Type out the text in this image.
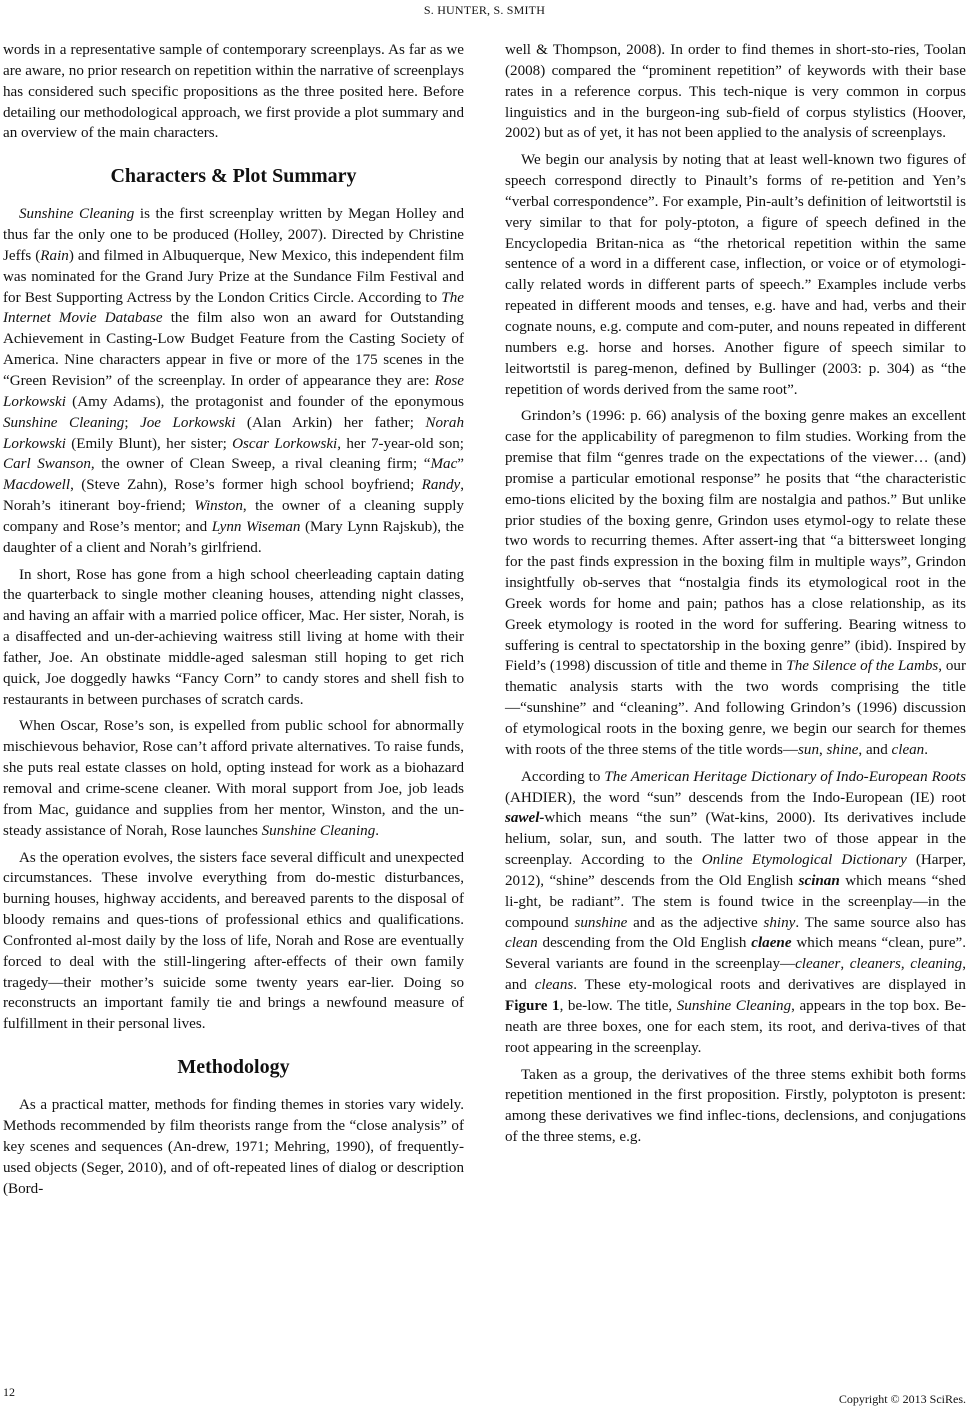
S. HUNTER, S. SMITH

words in a representative sample of contemporary screenplays. As far as we are aware, no prior research on repetition within the narrative of screenplays has considered such specific propositions as the three posited here. Before detailing our methodological approach, we first provide a plot summary and an overview of the main characters.

Characters & Plot Summary

Sunshine Cleaning is the first screenplay written by Megan Holley and thus far the only one to be produced (Holley, 2007). Directed by Christine Jeffs (Rain) and filmed in Albuquerque, New Mexico, this independent film was nominated for the Grand Jury Prize at the Sundance Film Festival and for Best Supporting Actress by the London Critics Circle. According to The Internet Movie Database the film also won an award for Outstanding Achievement in Casting-Low Budget Feature from the Casting Society of America. Nine characters appear in five or more of the 175 scenes in the “Green Revision” of the screenplay. In order of appearance they are: Rose Lorkowski (Amy Adams), the protagonist and founder of the eponymous Sunshine Cleaning; Joe Lorkowski (Alan Arkin) her father; Norah Lorkowski (Emily Blunt), her sister; Oscar Lorkowski, her 7-year-old son; Carl Swanson, the owner of Clean Sweep, a rival cleaning firm; “Mac” Macdowell, (Steve Zahn), Rose’s former high school boyfriend; Randy, Norah’s itinerant boy-friend; Winston, the owner of a cleaning supply company and Rose’s mentor; and Lynn Wiseman (Mary Lynn Rajskub), the daughter of a client and Norah’s girlfriend.

In short, Rose has gone from a high school cheerleading captain dating the quarterback to single mother cleaning houses, attending night classes, and having an affair with a married police officer, Mac. Her sister, Norah, is a disaffected and un-der-achieving waitress still living at home with their father, Joe. An obstinate middle-aged salesman still hoping to get rich quick, Joe doggedly hawks “Fancy Corn” to candy stores and shell fish to restaurants in between purchases of scratch cards.

When Oscar, Rose’s son, is expelled from public school for abnormally mischievous behavior, Rose can’t afford private alternatives. To raise funds, she puts real estate classes on hold, opting instead for work as a biohazard removal and crime-scene cleaner. With moral support from Joe, job leads from Mac, guidance and supplies from her mentor, Winston, and the un-steady assistance of Norah, Rose launches Sunshine Cleaning.

As the operation evolves, the sisters face several difficult and unexpected circumstances. These involve everything from do-mestic disturbances, burning houses, highway accidents, and bereaved parents to the disposal of bloody remains and ques-tions of professional ethics and qualifications. Confronted al-most daily by the loss of life, Norah and Rose are eventually forced to deal with the still-lingering after-effects of their own family tragedy—their mother’s suicide some twenty years ear-lier. Doing so reconstructs an important family tie and brings a newfound measure of fulfillment in their personal lives.

Methodology

As a practical matter, methods for finding themes in stories vary widely. Methods recommended by film theorists range from the “close analysis” of key scenes and sequences (An-drew, 1971; Mehring, 1990), of frequently-used objects (Seger, 2010), and of oft-repeated lines of dialog or description (Bord-

well & Thompson, 2008). In order to find themes in short-sto-ries, Toolan (2008) compared the “prominent repetition” of keywords with their base rates in a reference corpus. This tech-nique is very common in corpus linguistics and in the burgeon-ing sub-field of corpus stylistics (Hoover, 2002) but as of yet, it has not been applied to the analysis of screenplays.

We begin our analysis by noting that at least well-known two figures of speech correspond directly to Pinault’s forms of re-petition and Yen’s “verbal correspondence”. For example, Pin-ault’s definition of leitwortstil is very similar to that for poly-ptoton, a figure of speech defined in the Encyclopedia Britan-nica as “the rhetorical repetition within the same sentence of a word in a different case, inflection, or voice or of etymologi-cally related words in different parts of speech.” Examples include verbs repeated in different moods and tenses, e.g. have and had, verbs and their cognate nouns, e.g. compute and com-puter, and nouns repeated in different numbers e.g. horse and horses. Another figure of speech similar to leitwortstil is pareg-menon, defined by Bullinger (2003: p. 304) as “the repetition of words derived from the same root”.

Grindon’s (1996: p. 66) analysis of the boxing genre makes an excellent case for the applicability of paregmenon to film studies. Working from the premise that film “genres trade on the expectations of the viewer… (and) promise a particular emotional response” he posits that “the characteristic emo-tions elicited by the boxing film are nostalgia and pathos.” But unlike prior studies of the boxing genre, Grindon uses etymol-ogy to relate these two words to recurring themes. After assert-ing that “a bittersweet longing for the past finds expression in the boxing film in multiple ways”, Grindon insightfully ob-serves that “nostalgia finds its etymological root in the Greek words for home and pain; pathos has a close relationship, as its Greek etymology is rooted in the word for suffering. Bearing witness to suffering is central to spectatorship in the boxing genre” (ibid). Inspired by Field’s (1998) discussion of title and theme in The Silence of the Lambs, our thematic analysis starts with the two words comprising the title—“sunshine” and “cleaning”. And following Grindon’s (1996) discussion of etymological roots in the boxing genre, we begin our search for themes with roots of the three stems of the title words—sun, shine, and clean.

According to The American Heritage Dictionary of Indo-European Roots (AHDIER), the word “sun” descends from the Indo-European (IE) root sawel-which means “the sun” (Wat-kins, 2000). Its derivatives include helium, solar, sun, and south. The latter two of those appear in the screenplay. According to the Online Etymological Dictionary (Harper, 2012), “shine” descends from the Old English scinan which means “shed li-ght, be radiant”. The stem is found twice in the screenplay—in the compound sunshine and as the adjective shiny. The same source also has clean descending from the Old English claene which means “clean, pure”. Several variants are found in the screenplay—cleaner, cleaners, cleaning, and cleans. These ety-mological roots and derivatives are displayed in Figure 1, be-low. The title, Sunshine Cleaning, appears in the top box. Be-neath are three boxes, one for each stem, its root, and deriva-tives of that root appearing in the screenplay.

Taken as a group, the derivatives of the three stems exhibit both forms repetition mentioned in the first proposition. Firstly, polyptoton is present: among these derivatives we find inflec-tions, declensions, and conjugations of the three stems, e.g.

12	Copyright © 2013 SciRes.
